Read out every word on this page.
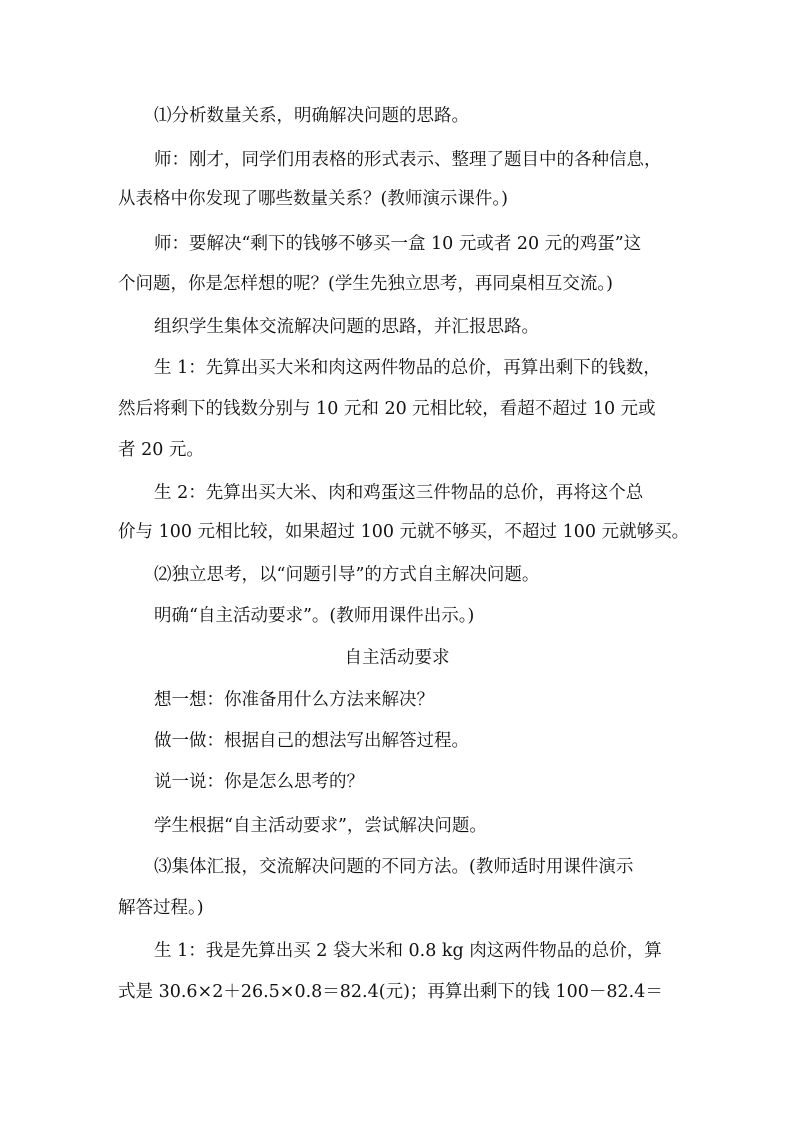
⑴分析数量关系，明确解决问题的思路。
师：刚才，同学们用表格的形式表示、整理了题目中的各种信息，
从表格中你发现了哪些数量关系？(教师演示课件。)
师：要解决“剩下的钱够不够买一盒 10 元或者 20 元的鸡蛋”这
个问题，你是怎样想的呢？(学生先独立思考，再同桌相互交流。)
组织学生集体交流解决问题的思路，并汇报思路。
生 1：先算出买大米和肉这两件物品的总价，再算出剩下的钱数，
然后将剩下的钱数分别与 10 元和 20 元相比较，看超不超过 10 元或
者 20 元。
生 2：先算出买大米、肉和鸡蛋这三件物品的总价，再将这个总
价与 100 元相比较，如果超过 100 元就不够买，不超过 100 元就够买。
⑵独立思考，以“问题引导”的方式自主解决问题。
明确“自主活动要求”。(教师用课件出示。)
自主活动要求
想一想：你准备用什么方法来解决？
做一做：根据自己的想法写出解答过程。
说一说：你是怎么思考的？
学生根据“自主活动要求”，尝试解决问题。
⑶集体汇报，交流解决问题的不同方法。(教师适时用课件演示
解答过程。)
生 1：我是先算出买 2 袋大米和 0.8 kg 肉这两件物品的总价，算
式是 30.6×2＋26.5×0.8＝82.4(元)；再算出剩下的钱 100－82.4＝
